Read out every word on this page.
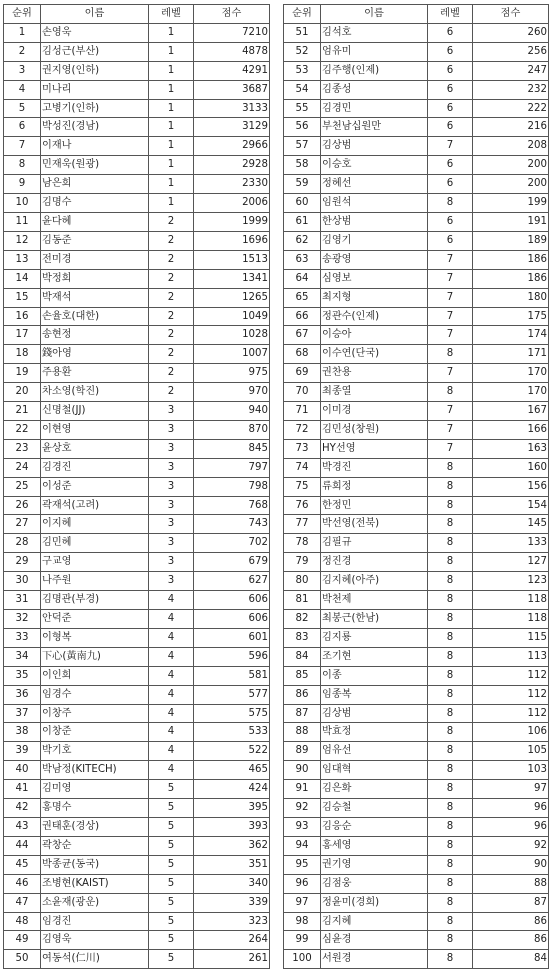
순위	이름	레벨	점수
1	손영욱	1	7210
2	김성근(부산)	1	4878
3	권지영(인하)	1	4291
4	미나리	1	3687
5	고병기(인하)	1	3133
6	박성진(경남)	1	3129
7	이재나	1	2966
8	민재욱(원광)	1	2928
9	남은희	1	2330
10	김명수	1	2006
11	윤다혜	2	1999
12	김동준	2	1696
13	전미경	2	1513
14	박정희	2	1341
15	박재석	2	1265
16	손율호(대한)	2	1049
17	송현정	2	1028
18	錢아영	2	1007
19	주용환	2	975
20	차소영(학진)	2	970
21	신명철(JJ)	3	940
22	이현영	3	870
23	윤상호	3	845
24	김경진	3	797
25	이성준	3	798
26	곽재석(고려)	3	768
27	이지혜	3	743
28	김민혜	3	702
29	구교영	3	679
30	나주원	3	627
31	김명관(부경)	4	606
32	안덕준	4	606
33	이형복	4	601
34	下心(黃南九)	4	596
35	이인희	4	581
36	임경수	4	577
37	이창주	4	575
38	이창준	4	533
39	박기호	4	522
40	박남정(KITECH)	4	465
41	김미영	5	424
42	홍명수	5	395
43	권태훈(경상)	5	393
44	곽창순	5	362
45	박종균(동국)	5	351
46	조병현(KAIST)	5	340
47	소윤재(광운)	5	339
48	임경진	5	323
49	김영욱	5	264
50	여동석(仁川)	5	261
순위	이름	레벨	점수
51	김석호	6	260
52	엄유미	6	256
53	김주행(인제)	6	247
54	김종성	6	232
55	김경민	6	222
56	부천남십원만	6	216
57	김상범	7	208
58	이승호	6	200
59	정혜선	6	200
60	임원석	8	199
61	한상범	6	191
62	김영기	6	189
63	송광영	7	186
64	심영보	7	186
65	최지형	7	180
66	정관수(인제)	7	175
67	이승아	7	174
68	이수연(단국)	8	171
69	권찬용	7	170
70	최종열	8	170
71	이미경	7	167
72	김민성(창원)	7	166
73	HY선영	7	163
74	박경진	8	160
75	류희정	8	156
76	한정민	8	154
77	박선영(전북)	8	145
78	김필규	8	133
79	정진경	8	127
80	김지혜(아주)	8	123
81	박천제	8	118
82	최봉근(한남)	8	118
83	김지룡	8	115
84	조기현	8	113
85	이종	8	112
86	임종복	8	112
87	김상범	8	112
88	박효정	8	106
89	엄유선	8	105
90	임대혁	8	103
91	김은화	8	97
92	김승철	8	96
93	김응순	8	96
94	홍세영	8	92
95	권기영	8	90
96	김점웅	8	88
97	정윤미(경희)	8	87
98	김지혜	8	86
99	심윤경	8	86
100	서원경	8	84
